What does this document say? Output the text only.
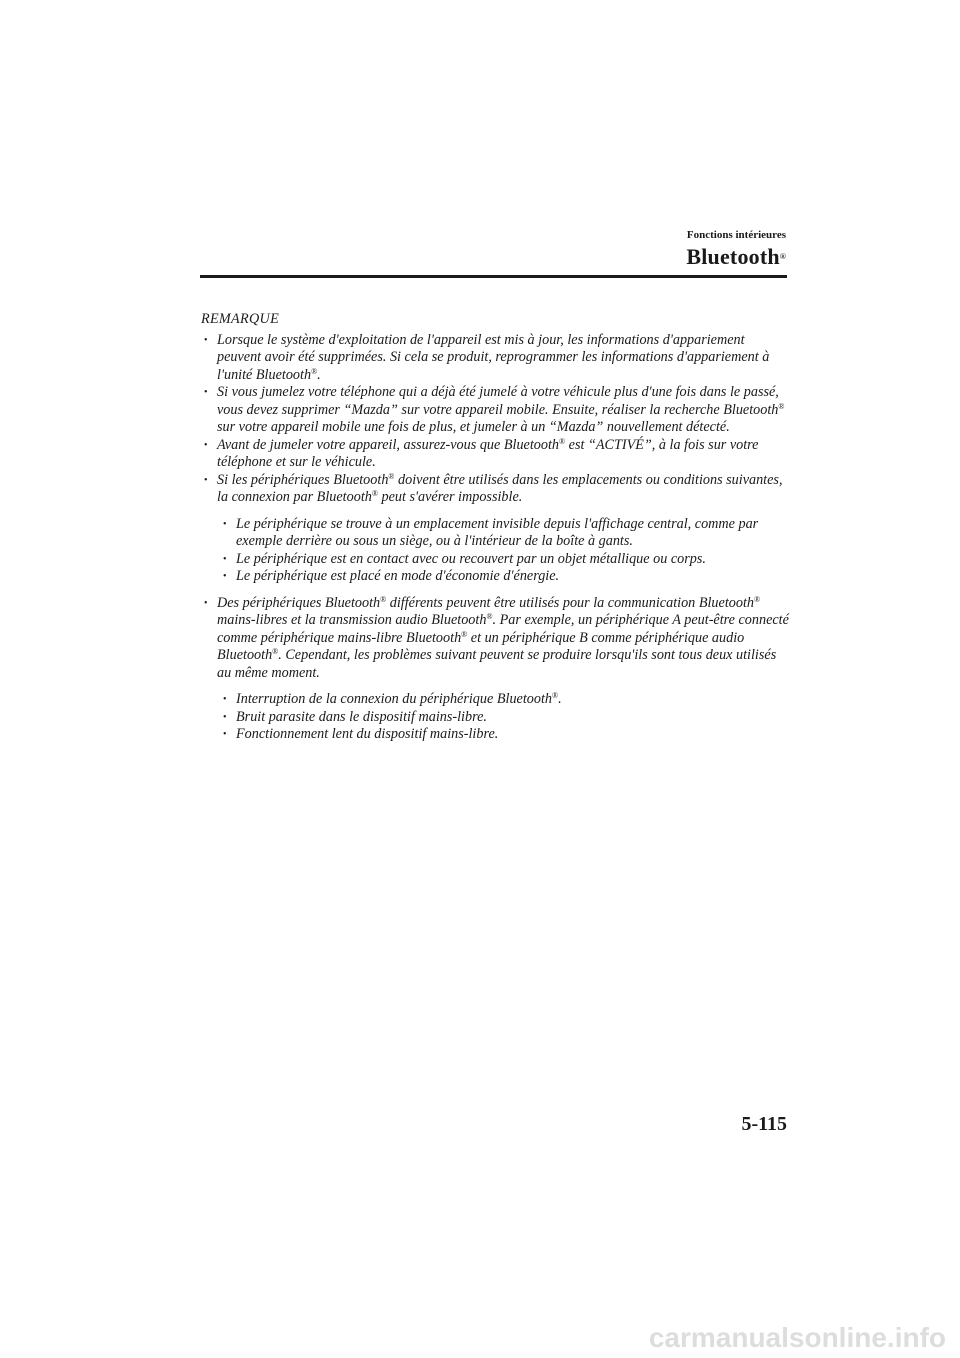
Fonctions intérieures
Bluetooth®
REMARQUE
• Lorsque le système d'exploitation de l'appareil est mis à jour, les informations d'appariement peuvent avoir été supprimées. Si cela se produit, reprogrammer les informations d'appariement à l'unité Bluetooth®.
• Si vous jumelez votre téléphone qui a déjà été jumelé à votre véhicule plus d'une fois dans le passé, vous devez supprimer “Mazda” sur votre appareil mobile. Ensuite, réaliser la recherche Bluetooth® sur votre appareil mobile une fois de plus, et jumeler à un “Mazda” nouvellement détecté.
• Avant de jumeler votre appareil, assurez-vous que Bluetooth® est “ACTIVÉ”, à la fois sur votre téléphone et sur le véhicule.
• Si les périphériques Bluetooth® doivent être utilisés dans les emplacements ou conditions suivantes, la connexion par Bluetooth® peut s'avérer impossible.
• Le périphérique se trouve à un emplacement invisible depuis l'affichage central, comme par exemple derrière ou sous un siège, ou à l'intérieur de la boîte à gants.
• Le périphérique est en contact avec ou recouvert par un objet métallique ou corps.
• Le périphérique est placé en mode d'économie d'énergie.
• Des périphériques Bluetooth® différents peuvent être utilisés pour la communication Bluetooth® mains-libres et la transmission audio Bluetooth®. Par exemple, un périphérique A peut-être connecté comme périphérique mains-libre Bluetooth® et un périphérique B comme périphérique audio Bluetooth®. Cependant, les problèmes suivant peuvent se produire lorsqu'ils sont tous deux utilisés au même moment.
• Interruption de la connexion du périphérique Bluetooth®.
• Bruit parasite dans le dispositif mains-libre.
• Fonctionnement lent du dispositif mains-libre.
5-115
carmanualsonline.info
